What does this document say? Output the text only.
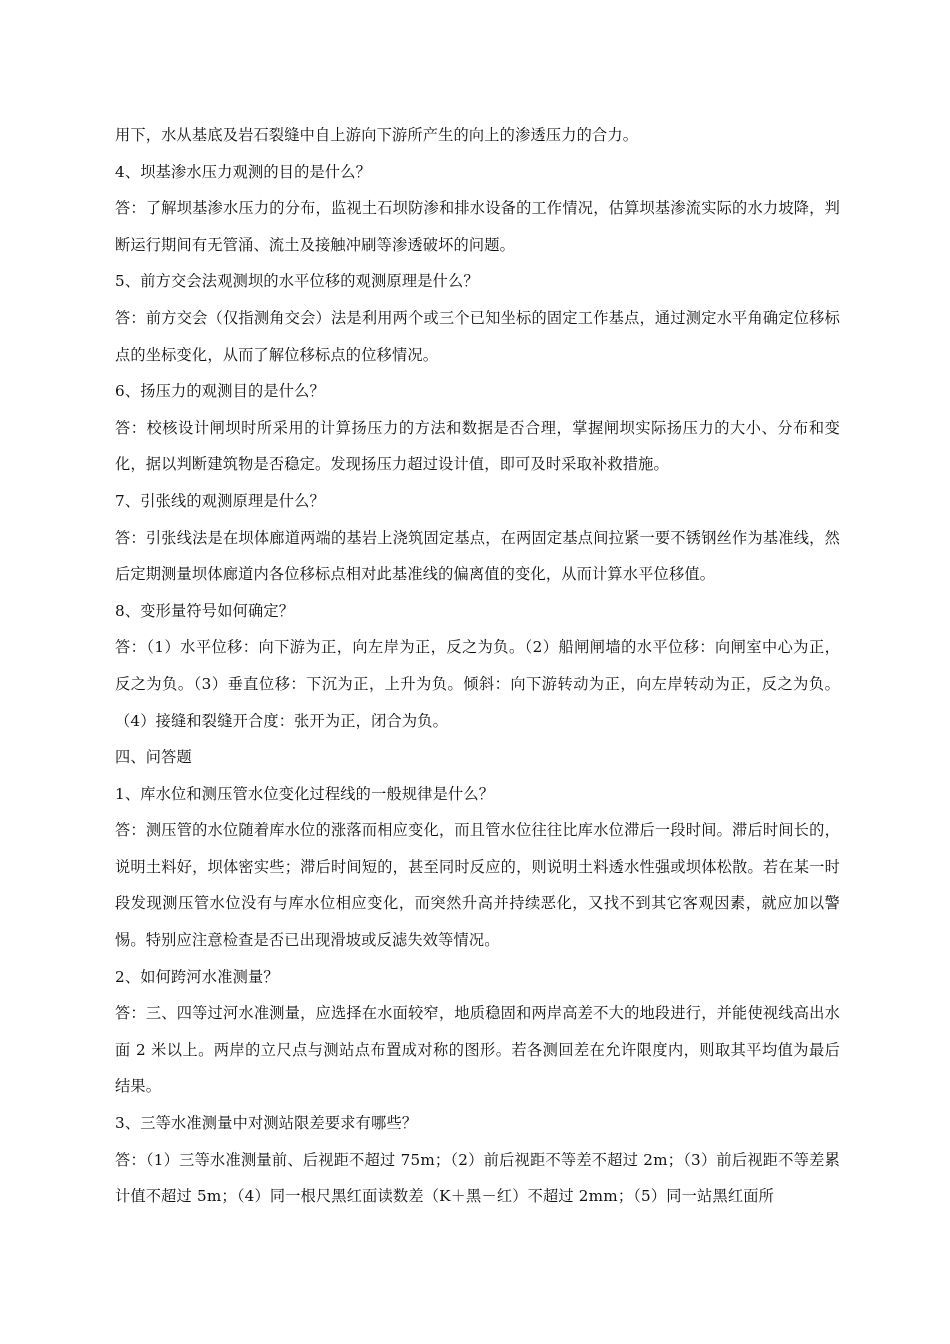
用下，水从基底及岩石裂缝中自上游向下游所产生的向上的渗透压力的合力。

4、坝基渗水压力观测的目的是什么？

答：了解坝基渗水压力的分布，监视土石坝防渗和排水设备的工作情况，估算坝基渗流实际的水力坡降，判断运行期间有无管涌、流土及接触冲刷等渗透破坏的问题。

5、前方交会法观测坝的水平位移的观测原理是什么？

答：前方交会（仅指测角交会）法是利用两个或三个已知坐标的固定工作基点，通过测定水平角确定位移标点的坐标变化，从而了解位移标点的位移情况。

6、扬压力的观测目的是什么？

答：校核设计闸坝时所采用的计算扬压力的方法和数据是否合理，掌握闸坝实际扬压力的大小、分布和变化，据以判断建筑物是否稳定。发现扬压力超过设计值，即可及时采取补救措施。

7、引张线的观测原理是什么？

答：引张线法是在坝体廊道两端的基岩上浇筑固定基点，在两固定基点间拉紧一要不锈钢丝作为基准线，然后定期测量坝体廊道内各位移标点相对此基准线的偏离值的变化，从而计算水平位移值。

8、变形量符号如何确定？

答：（1）水平位移：向下游为正，向左岸为正，反之为负。（2）船闸闸墙的水平位移：向闸室中心为正，反之为负。（3）垂直位移：下沉为正，上升为负。倾斜：向下游转动为正，向左岸转动为正，反之为负。（4）接缝和裂缝开合度：张开为正，闭合为负。

四、问答题

1、库水位和测压管水位变化过程线的一般规律是什么？

答：测压管的水位随着库水位的涨落而相应变化，而且管水位往往比库水位滞后一段时间。滞后时间长的，说明土料好，坝体密实些；滞后时间短的，甚至同时反应的，则说明土料透水性强或坝体松散。若在某一时段发现测压管水位没有与库水位相应变化，而突然升高并持续恶化，又找不到其它客观因素，就应加以警惕。特别应注意检查是否已出现滑坡或反滤失效等情况。

2、如何跨河水准测量？

答：三、四等过河水准测量，应选择在水面较窄，地质稳固和两岸高差不大的地段进行，并能使视线高出水面 2 米以上。两岸的立尺点与测站点布置成对称的图形。若各测回差在允许限度内，则取其平均值为最后结果。

3、三等水准测量中对测站限差要求有哪些？

答：（1）三等水准测量前、后视距不超过 75m；（2）前后视距不等差不超过 2m；（3）前后视距不等差累计值不超过 5m；（4）同一根尺黑红面读数差（K＋黑－红）不超过 2mm；（5）同一站黑红面所
